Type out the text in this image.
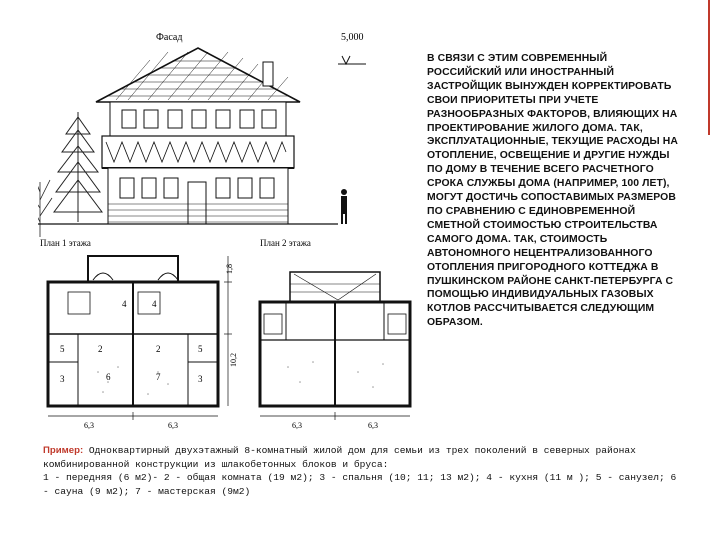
Фасад	5,000
План 1 этажа	План 2 этажа
4	4
5	5
2	2
6	7
3	3
1,8
10,2
6,3	6,3	6,3	6,3
В СВЯЗИ С ЭТИМ СОВРЕМЕННЫЙ РОССИЙСКИЙ ИЛИ ИНОСТРАННЫЙ ЗАСТРОЙЩИК ВЫНУЖДЕН КОРРЕКТИРОВАТЬ СВОИ ПРИОРИТЕТЫ ПРИ УЧЕТЕ РАЗНООБРАЗНЫХ ФАКТОРОВ, ВЛИЯЮЩИХ НА ПРОЕКТИРОВАНИЕ ЖИЛОГО ДОМА. ТАК, ЭКСПЛУАТАЦИОННЫЕ, ТЕКУЩИЕ РАСХОДЫ НА ОТОПЛЕНИЕ, ОСВЕЩЕНИЕ И ДРУГИЕ НУЖДЫ ПО ДОМУ В ТЕЧЕНИЕ ВСЕГО РАСЧЕТНОГО СРОКА СЛУЖБЫ ДОМА (НАПРИМЕР, 100 ЛЕТ), МОГУТ ДОСТИЧЬ СОПОСТАВИМЫХ РАЗМЕРОВ ПО СРАВНЕНИЮ С ЕДИНОВРЕМЕННОЙ СМЕТНОЙ СТОИМОСТЬЮ СТРОИТЕЛЬСТВА САМОГО ДОМА. ТАК, СТОИМОСТЬ АВТОНОМНОГО НЕЦЕНТРАЛИЗОВАННОГО ОТОПЛЕНИЯ ПРИГОРОДНОГО КОТТЕДЖА В ПУШКИНСКОМ РАЙОНЕ САНКТ-ПЕТЕРБУРГА С ПОМОЩЬЮ ИНДИВИДУАЛЬНЫХ ГАЗОВЫХ КОТЛОВ РАССЧИТЫВАЕТСЯ СЛЕДУЮЩИМ ОБРАЗОМ.
Пример: Одноквартирный двухэтажный 8-комнатный жилой дом для семьи из трех поколений в северных районах комбинированной конструкции из шлакобетонных блоков и бруса:
1 - передняя (6 м2)- 2 - общая комната (19 м2); 3 - спальня (10; 11; 13 м2); 4 - кухня (11 м ); 5 - санузел; 6 - сауна (9 м2); 7 - мастерская (9м2)
